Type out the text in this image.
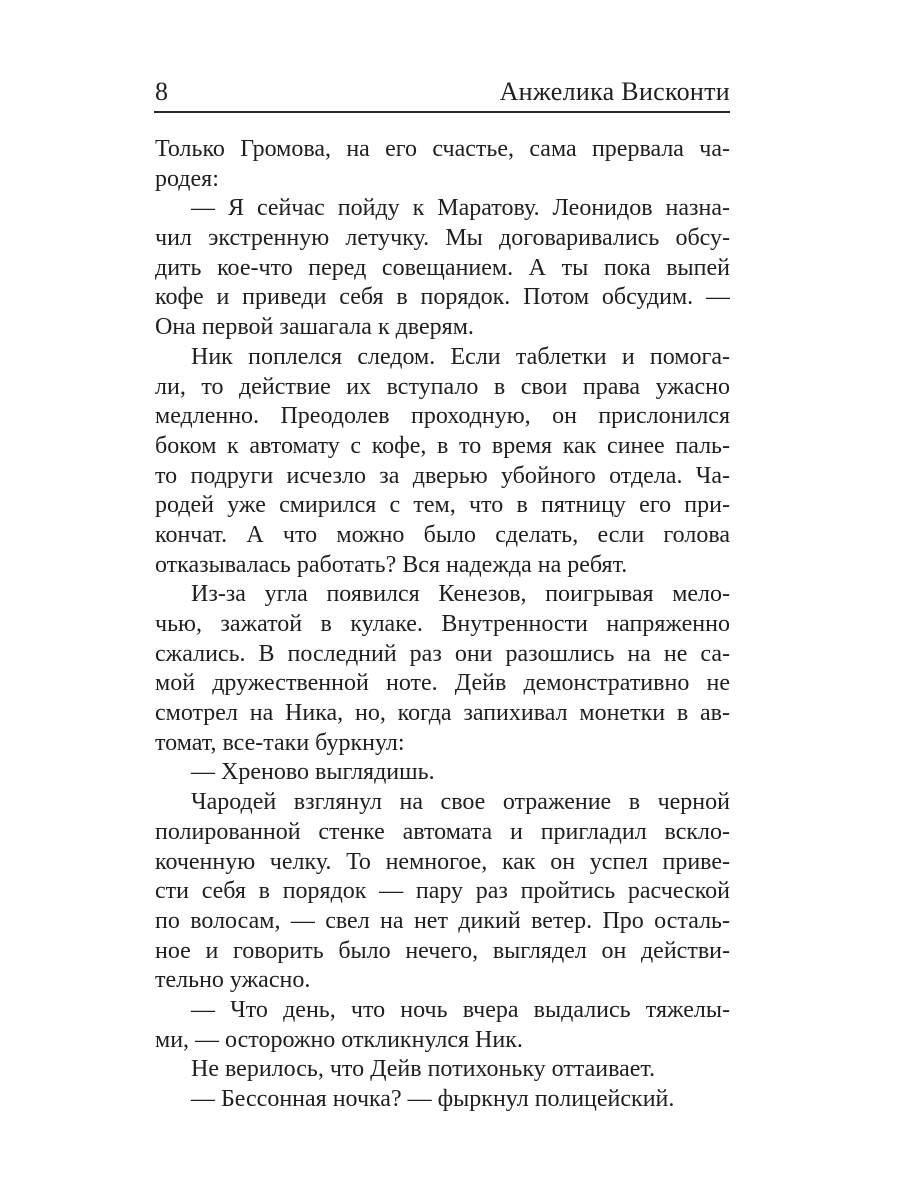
8	Анжелика Висконти
Только Громова, на его счастье, сама прервала ча-
родея:
— Я сейчас пойду к Маратову. Леонидов назна-
чил экстренную летучку. Мы договаривались обсу-
дить кое-что перед совещанием. А ты пока выпей
кофе и приведи себя в порядок. Потом обсудим. —
Она первой зашагала к дверям.
Ник поплелся следом. Если таблетки и помога-
ли, то действие их вступало в свои права ужасно
медленно. Преодолев проходную, он прислонился
боком к автомату с кофе, в то время как синее паль-
то подруги исчезло за дверью убойного отдела. Ча-
родей уже смирился с тем, что в пятницу его при-
кончат. А что можно было сделать, если голова
отказывалась работать? Вся надежда на ребят.
Из-за угла появился Кенезов, поигрывая мело-
чью, зажатой в кулаке. Внутренности напряженно
сжались. В последний раз они разошлись на не са-
мой дружественной ноте. Дейв демонстративно не
смотрел на Ника, но, когда запихивал монетки в ав-
томат, все-таки буркнул:
— Хреново выглядишь.
Чародей взглянул на свое отражение в черной
полированной стенке автомата и пригладил вскло-
коченную челку. То немногое, как он успел приве-
сти себя в порядок — пару раз пройтись расческой
по волосам, — свел на нет дикий ветер. Про осталь-
ное и говорить было нечего, выглядел он действи-
тельно ужасно.
— Что день, что ночь вчера выдались тяжелы-
ми, — осторожно откликнулся Ник.
Не верилось, что Дейв потихоньку оттаивает.
— Бессонная ночка? — фыркнул полицейский.
